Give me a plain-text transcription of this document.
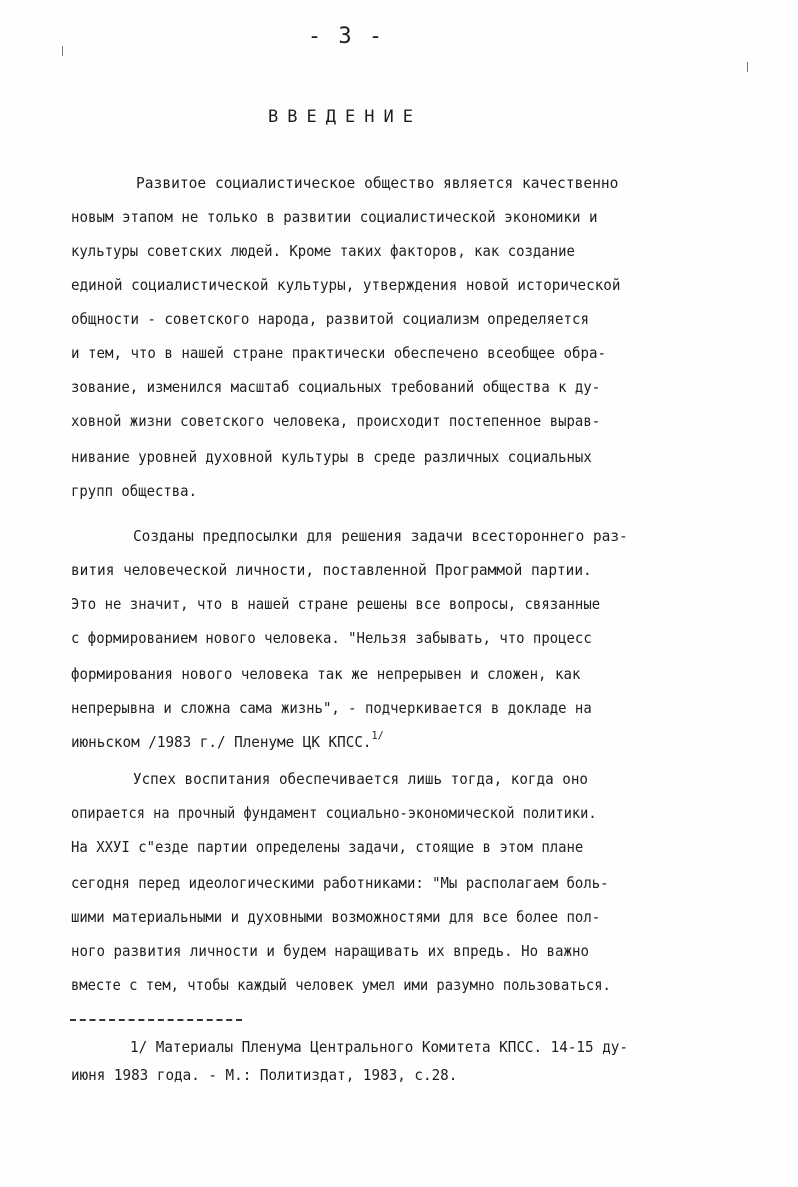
- 3 -
ВВЕДЕНИЕ
Развитое социалистическое общество является качественно
новым этапом не только в развитии социалистической экономики и
культуры советских людей. Кроме таких факторов, как создание
единой социалистической культуры, утверждения новой исторической
общности - советского народа, развитой социализм определяется
и тем, что в нашей стране практически обеспечено всеобщее обра-
зование, изменился масштаб социальных требований общества к ду-
ховной жизни советского человека, происходит постепенное вырав-
нивание уровней духовной культуры в среде различных социальных
групп общества.
Созданы предпосылки для решения задачи всестороннего раз-
вития человеческой личности, поставленной Программой партии.
Это не значит, что в нашей стране решены все вопросы, связанные
с формированием нового человека. "Нельзя забывать, что процесс
формирования нового человека так же непрерывен и сложен, как
непрерывна и сложна сама жизнь", - подчеркивается в докладе на
июньском /1983 г./ Пленуме ЦК КПСС.$^{1/}$
Успех воспитания обеспечивается лишь тогда, когда оно
опирается на прочный фундамент социально-экономической политики.
На ХХУI с"езде партии определены задачи, стоящие в этом плане
сегодня перед идеологическими работниками: "Мы располагаем боль-
шими материальными и духовными возможностями для все более пол-
ного развития личности и будем наращивать их впредь. Но важно
вместе с тем, чтобы каждый человек умел ими разумно пользоваться.
1/ Материалы Пленума Центрального Комитета КПСС. 14-15 ду-
июня 1983 года. - М.: Политиздат, 1983, с.28.
